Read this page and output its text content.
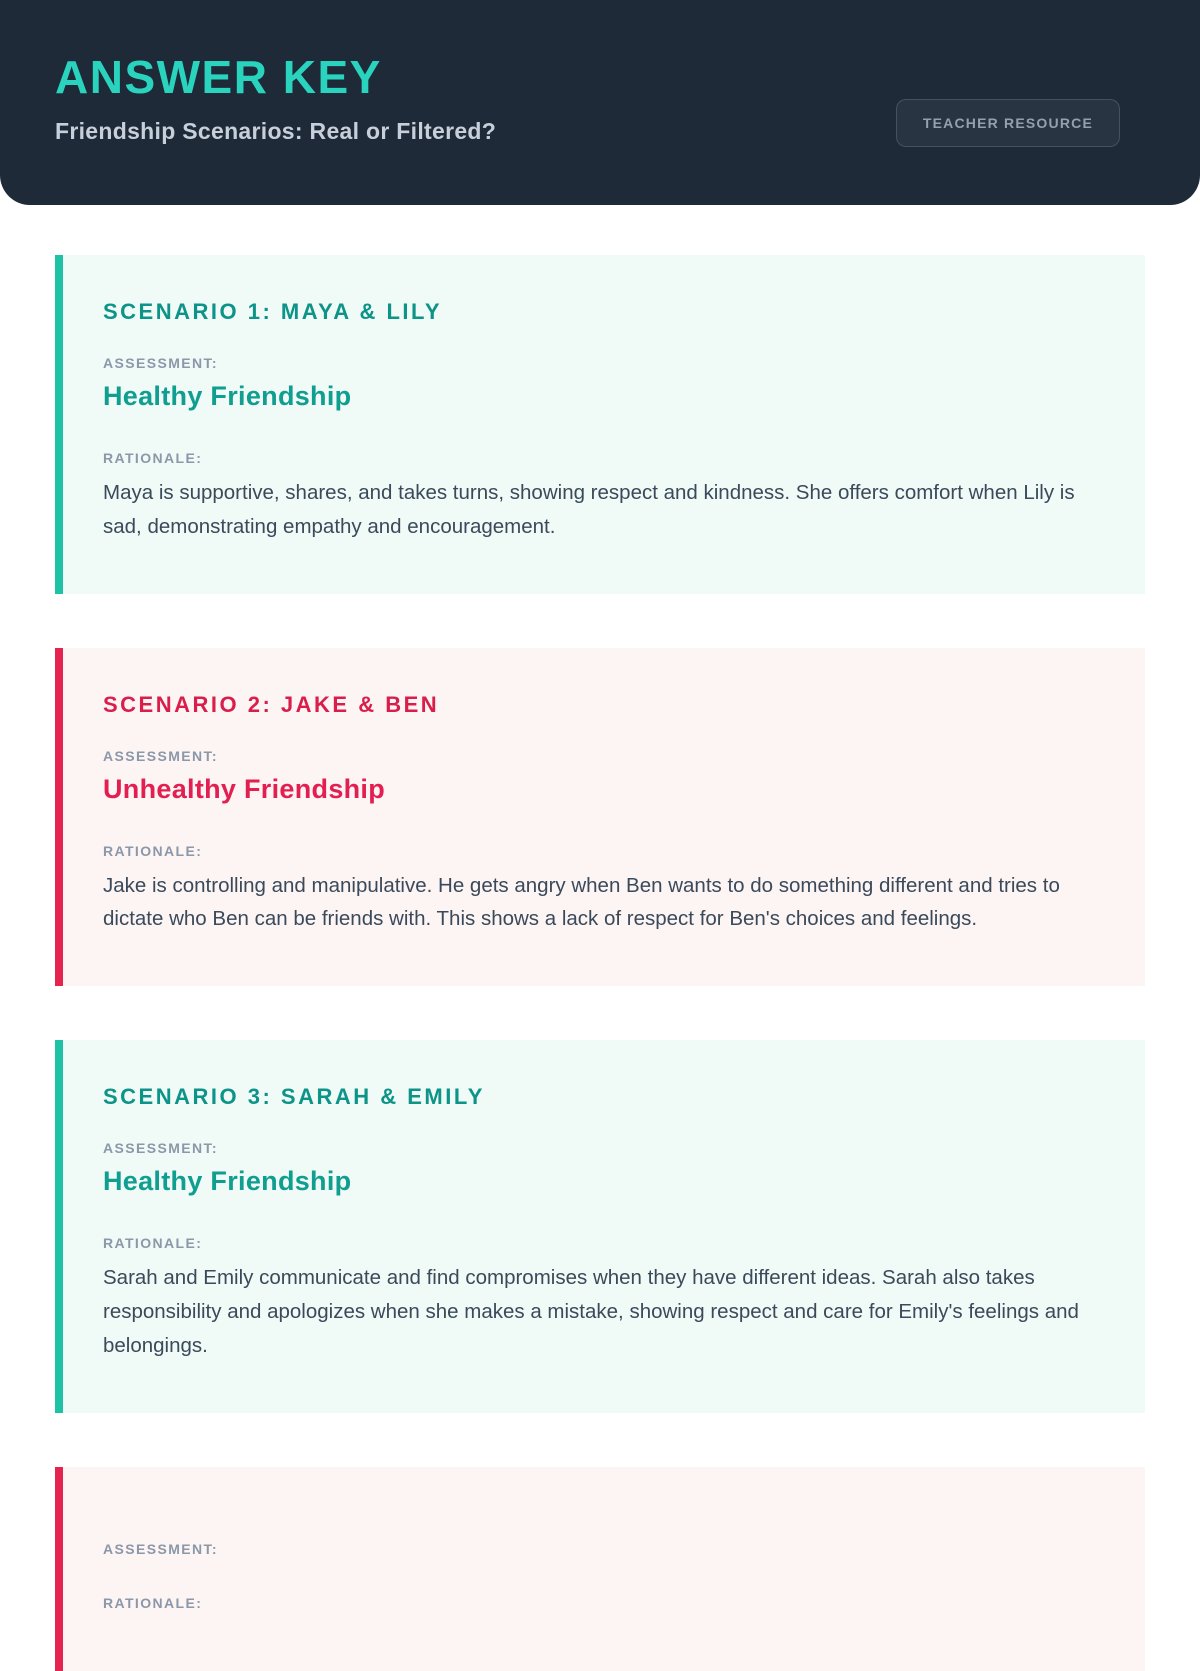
ANSWER KEY

Friendship Scenarios: Real or Filtered?	TEACHER RESOURCE
SCENARIO 1: MAYA & LILY
ASSESSMENT:
Healthy Friendship
RATIONALE:

Maya is supportive, shares, and takes turns, showing respect and kindness. She offers comfort when Lily is sad, demonstrating empathy and encouragement.

SCENARIO 2: JAKE & BEN
ASSESSMENT:
Unhealthy Friendship
RATIONALE:

Jake is controlling and manipulative. He gets angry when Ben wants to do something different and tries to dictate who Ben can be friends with. This shows a lack of respect for Ben's choices and feelings.

SCENARIO 3: SARAH & EMILY
ASSESSMENT:
Healthy Friendship
RATIONALE:

Sarah and Emily communicate and find compromises when they have different ideas. Sarah also takes responsibility and apologizes when she makes a mistake, showing respect and care for Emily's feelings and belongings.

ASSESSMENT:
RATIONALE:
